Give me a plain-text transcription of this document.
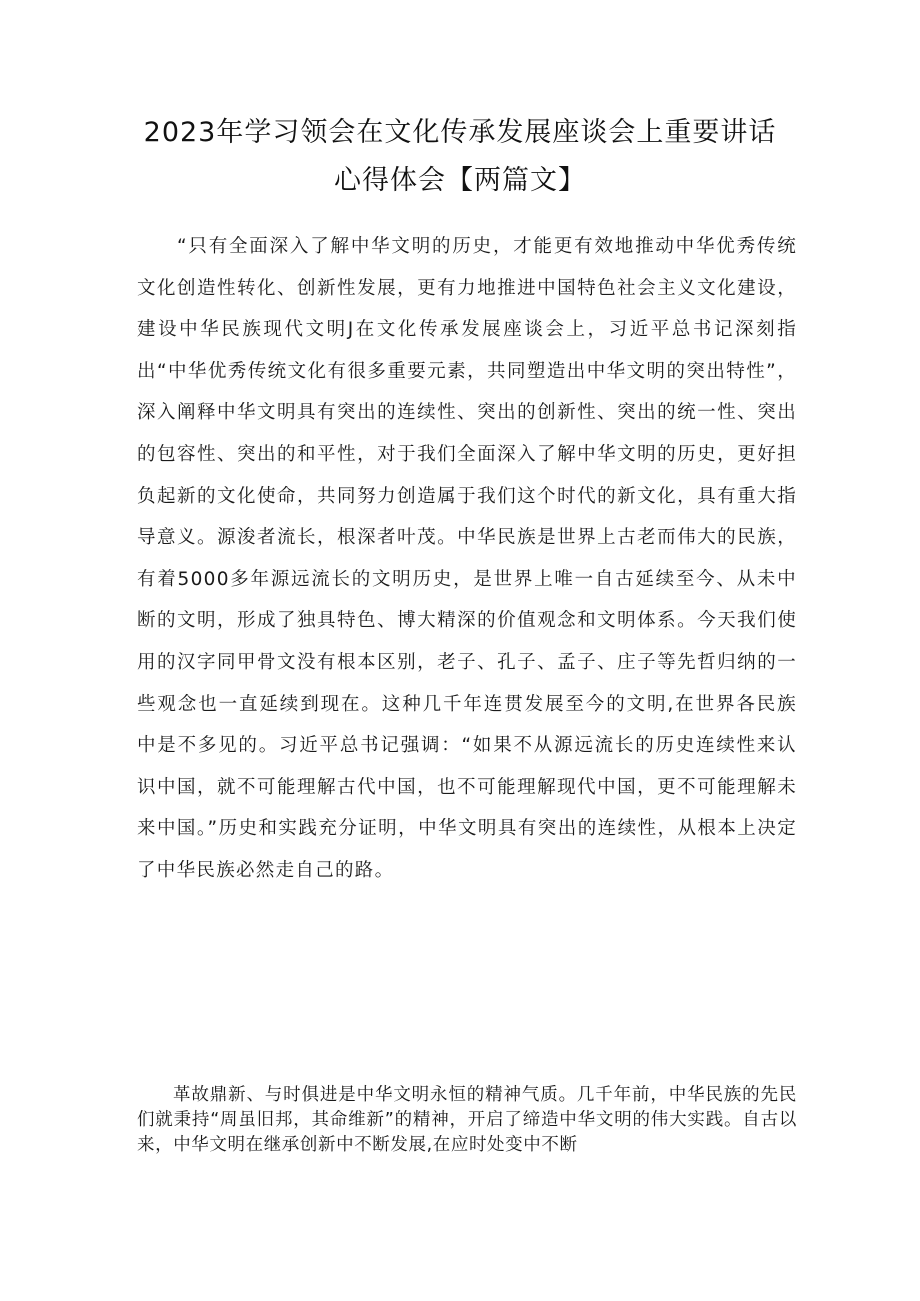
2023年学习领会在文化传承发展座谈会上重要讲话
心得体会【两篇文】

“只有全面深入了解中华文明的历史，才能更有效地推动中华优秀传统文化创造性转化、创新性发展，更有力地推进中国特色社会主义文化建设，建设中华民族现代文明J在文化传承发展座谈会上，习近平总书记深刻指出“中华优秀传统文化有很多重要元素，共同塑造出中华文明的突出特性”，深入阐释中华文明具有突出的连续性、突出的创新性、突出的统一性、突出的包容性、突出的和平性，对于我们全面深入了解中华文明的历史，更好担负起新的文化使命，共同努力创造属于我们这个时代的新文化，具有重大指导意义。源浚者流长，根深者叶茂。中华民族是世界上古老而伟大的民族，有着5000多年源远流长的文明历史，是世界上唯一自古延续至今、从未中断的文明，形成了独具特色、博大精深的价值观念和文明体系。今天我们使用的汉字同甲骨文没有根本区别，老子、孔子、孟子、庄子等先哲归纳的一些观念也一直延续到现在。这种几千年连贯发展至今的文明,在世界各民族中是不多见的。习近平总书记强调：“如果不从源远流长的历史连续性来认识中国，就不可能理解古代中国，也不可能理解现代中国，更不可能理解未来中国。”历史和实践充分证明，中华文明具有突出的连续性，从根本上决定了中华民族必然走自己的路。

革故鼎新、与时俱进是中华文明永恒的精神气质。几千年前，中华民族的先民们就秉持“周虽旧邦，其命维新”的精神，开启了缔造中华文明的伟大实践。自古以来，中华文明在继承创新中不断发展,在应时处变中不断
